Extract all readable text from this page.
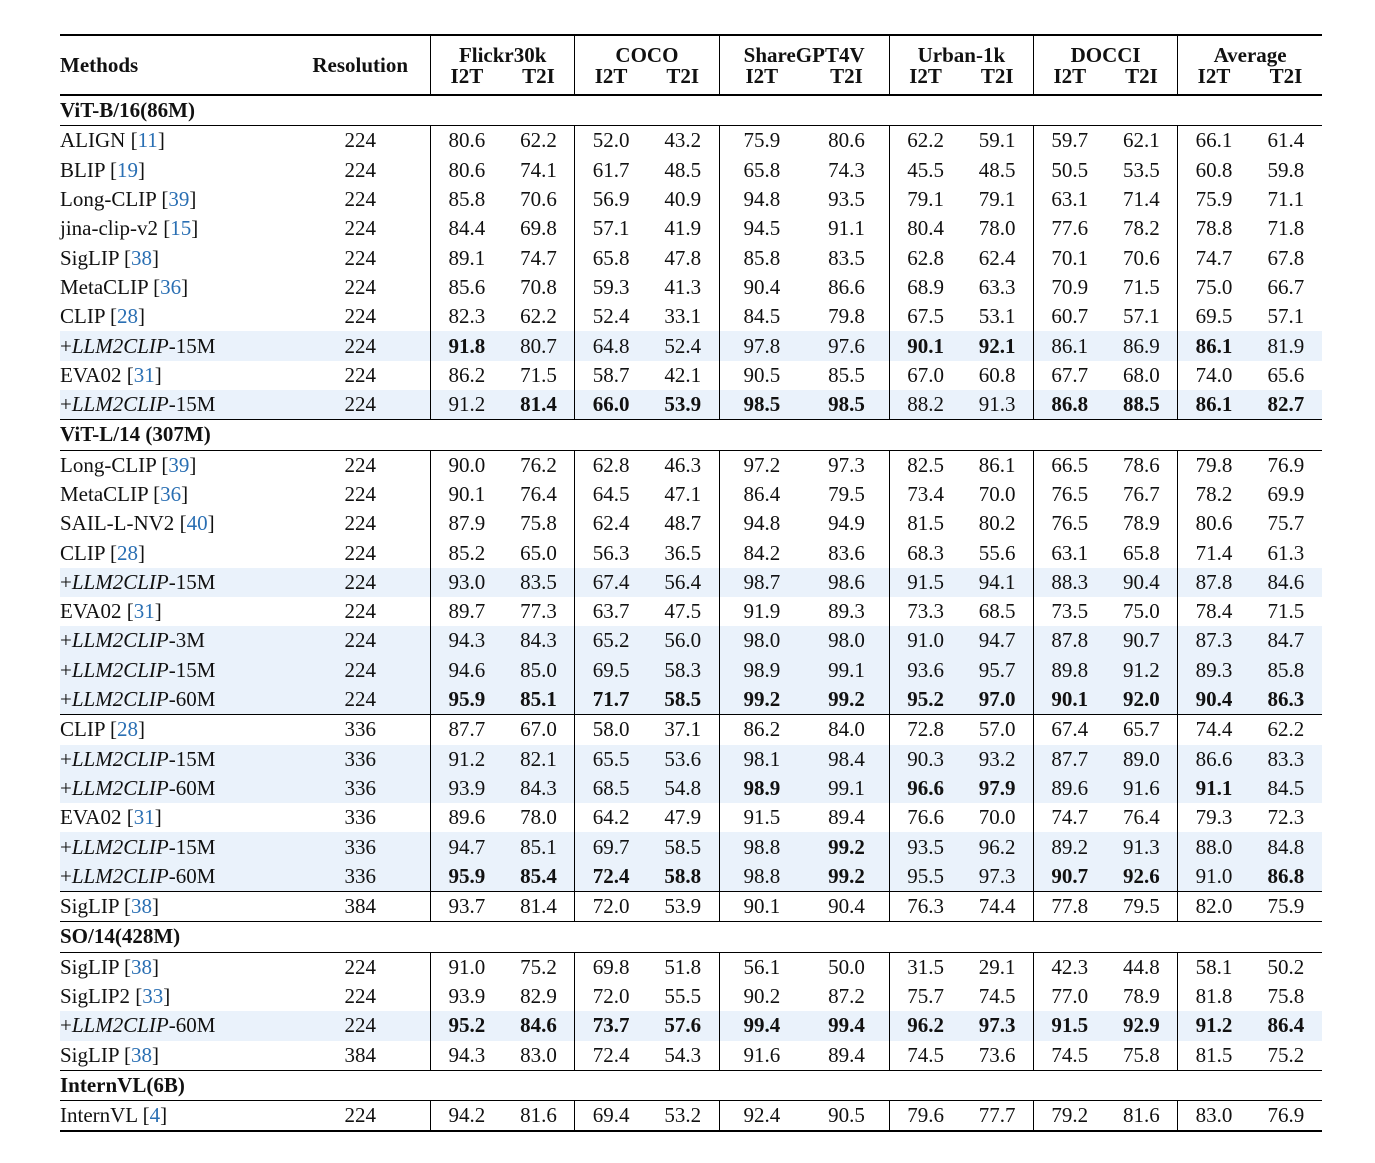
Methods	Resolution	Flickr30k		COCO		ShareGPT4V		Urban-1k		DOCCI		Average	
		I2T	T2I	I2T	T2I	I2T	T2I	I2T	T2I	I2T	T2I	I2T	T2I
ViT-B/16(86M)													
ALIGN [11]	224	80.6	62.2	52.0	43.2	75.9	80.6	62.2	59.1	59.7	62.1	66.1	61.4
BLIP [19]	224	80.6	74.1	61.7	48.5	65.8	74.3	45.5	48.5	50.5	53.5	60.8	59.8
Long-CLIP [39]	224	85.8	70.6	56.9	40.9	94.8	93.5	79.1	79.1	63.1	71.4	75.9	71.1
jina-clip-v2 [15]	224	84.4	69.8	57.1	41.9	94.5	91.1	80.4	78.0	77.6	78.2	78.8	71.8
SigLIP [38]	224	89.1	74.7	65.8	47.8	85.8	83.5	62.8	62.4	70.1	70.6	74.7	67.8
MetaCLIP [36]	224	85.6	70.8	59.3	41.3	90.4	86.6	68.9	63.3	70.9	71.5	75.0	66.7
CLIP [28]	224	82.3	62.2	52.4	33.1	84.5	79.8	67.5	53.1	60.7	57.1	69.5	57.1
+LLM2CLIP-15M	224	91.8	80.7	64.8	52.4	97.8	97.6	90.1	92.1	86.1	86.9	86.1	81.9
EVA02 [31]	224	86.2	71.5	58.7	42.1	90.5	85.5	67.0	60.8	67.7	68.0	74.0	65.6
+LLM2CLIP-15M	224	91.2	81.4	66.0	53.9	98.5	98.5	88.2	91.3	86.8	88.5	86.1	82.7
ViT-L/14 (307M)													
Long-CLIP [39]	224	90.0	76.2	62.8	46.3	97.2	97.3	82.5	86.1	66.5	78.6	79.8	76.9
MetaCLIP [36]	224	90.1	76.4	64.5	47.1	86.4	79.5	73.4	70.0	76.5	76.7	78.2	69.9
SAIL-L-NV2 [40]	224	87.9	75.8	62.4	48.7	94.8	94.9	81.5	80.2	76.5	78.9	80.6	75.7
CLIP [28]	224	85.2	65.0	56.3	36.5	84.2	83.6	68.3	55.6	63.1	65.8	71.4	61.3
+LLM2CLIP-15M	224	93.0	83.5	67.4	56.4	98.7	98.6	91.5	94.1	88.3	90.4	87.8	84.6
EVA02 [31]	224	89.7	77.3	63.7	47.5	91.9	89.3	73.3	68.5	73.5	75.0	78.4	71.5
+LLM2CLIP-3M	224	94.3	84.3	65.2	56.0	98.0	98.0	91.0	94.7	87.8	90.7	87.3	84.7
+LLM2CLIP-15M	224	94.6	85.0	69.5	58.3	98.9	99.1	93.6	95.7	89.8	91.2	89.3	85.8
+LLM2CLIP-60M	224	95.9	85.1	71.7	58.5	99.2	99.2	95.2	97.0	90.1	92.0	90.4	86.3
CLIP [28]	336	87.7	67.0	58.0	37.1	86.2	84.0	72.8	57.0	67.4	65.7	74.4	62.2
+LLM2CLIP-15M	336	91.2	82.1	65.5	53.6	98.1	98.4	90.3	93.2	87.7	89.0	86.6	83.3
+LLM2CLIP-60M	336	93.9	84.3	68.5	54.8	98.9	99.1	96.6	97.9	89.6	91.6	91.1	84.5
EVA02 [31]	336	89.6	78.0	64.2	47.9	91.5	89.4	76.6	70.0	74.7	76.4	79.3	72.3
+LLM2CLIP-15M	336	94.7	85.1	69.7	58.5	98.8	99.2	93.5	96.2	89.2	91.3	88.0	84.8
+LLM2CLIP-60M	336	95.9	85.4	72.4	58.8	98.8	99.2	95.5	97.3	90.7	92.6	91.0	86.8
SigLIP [38]	384	93.7	81.4	72.0	53.9	90.1	90.4	76.3	74.4	77.8	79.5	82.0	75.9
SO/14(428M)													
SigLIP [38]	224	91.0	75.2	69.8	51.8	56.1	50.0	31.5	29.1	42.3	44.8	58.1	50.2
SigLIP2 [33]	224	93.9	82.9	72.0	55.5	90.2	87.2	75.7	74.5	77.0	78.9	81.8	75.8
+LLM2CLIP-60M	224	95.2	84.6	73.7	57.6	99.4	99.4	96.2	97.3	91.5	92.9	91.2	86.4
SigLIP [38]	384	94.3	83.0	72.4	54.3	91.6	89.4	74.5	73.6	74.5	75.8	81.5	75.2
InternVL(6B)													
InternVL [4]	224	94.2	81.6	69.4	53.2	92.4	90.5	79.6	77.7	79.2	81.6	83.0	76.9
